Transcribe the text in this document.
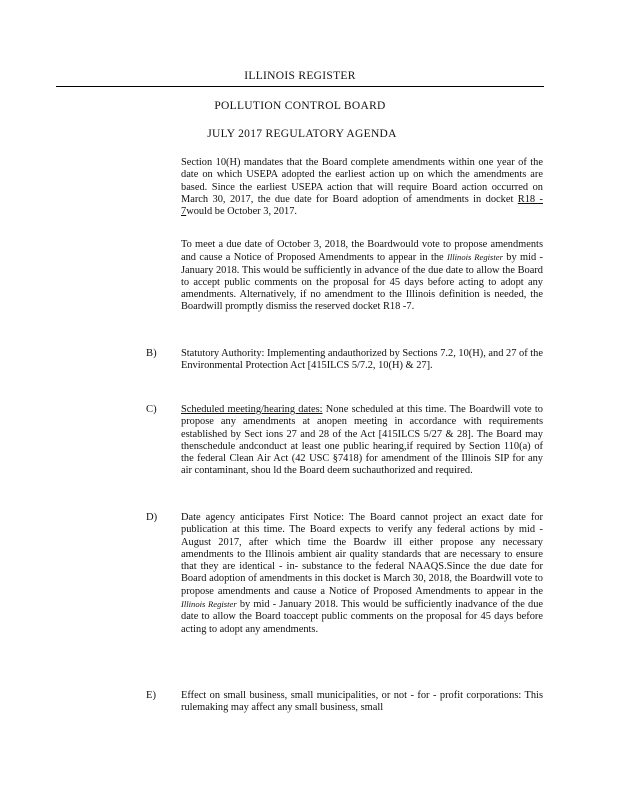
ILLINOIS REGISTER
POLLUTION CONTROL BOARD
JULY 2017 REGULATORY AGENDA

Section 10(H) mandates that the Board complete amendments within one year of the date on which USEPA adopted the earliest action up on which the amendments are based. Since the earliest USEPA action that will require Board action occurred on March 30, 2017, the due date for Board adoption of amendments in docket R18 - 7would be October 3, 2017.

To meet a due date of October 3, 2018, the Boardwould vote to propose amendments and cause a Notice of Proposed Amendments to appear in the Illinois Register by mid - January 2018. This would be sufficiently in advance of the due date to allow the Board to accept public comments on the proposal for 45 days before acting to adopt any amendments. Alternatively, if no amendment to the Illinois definition is needed, the Boardwill promptly dismiss the reserved docket R18 -7.

B) Statutory Authority: Implementing andauthorized by Sections 7.2, 10(H), and 27 of the Environmental Protection Act [415ILCS 5/7.2, 10(H) & 27].

C) Scheduled meeting/hearing dates: None scheduled at this time. The Boardwill vote to propose any amendments at anopen meeting in accordance with requirements established by Sect ions 27 and 28 of the Act [415ILCS 5/27 & 28]. The Board may thenschedule andconduct at least one public hearing,if required by Section 110(a) of the federal Clean Air Act (42 USC §7418) for amendment of the Illinois SIP for any air contaminant, shou ld the Board deem suchauthorized and required.

D) Date agency anticipates First Notice: The Board cannot project an exact date for publication at this time. The Board expects to verify any federal actions by mid - August 2017, after which time the Boardw ill either propose any necessary amendments to the Illinois ambient air quality standards that are necessary to ensure that they are identical - in- substance to the federal NAAQS.Since the due date for Board adoption of amendments in this docket is March 30, 2018, the Boardwill vote to propose amendments and cause a Notice of Proposed Amendments to appear in the Illinois Register by mid - January 2018. This would be sufficiently inadvance of the due date to allow the Board toaccept public comments on the proposal for 45 days before acting to adopt any amendments.

E) Effect on small business, small municipalities, or not - for - profit corporations: This rulemaking may affect any small business, small
